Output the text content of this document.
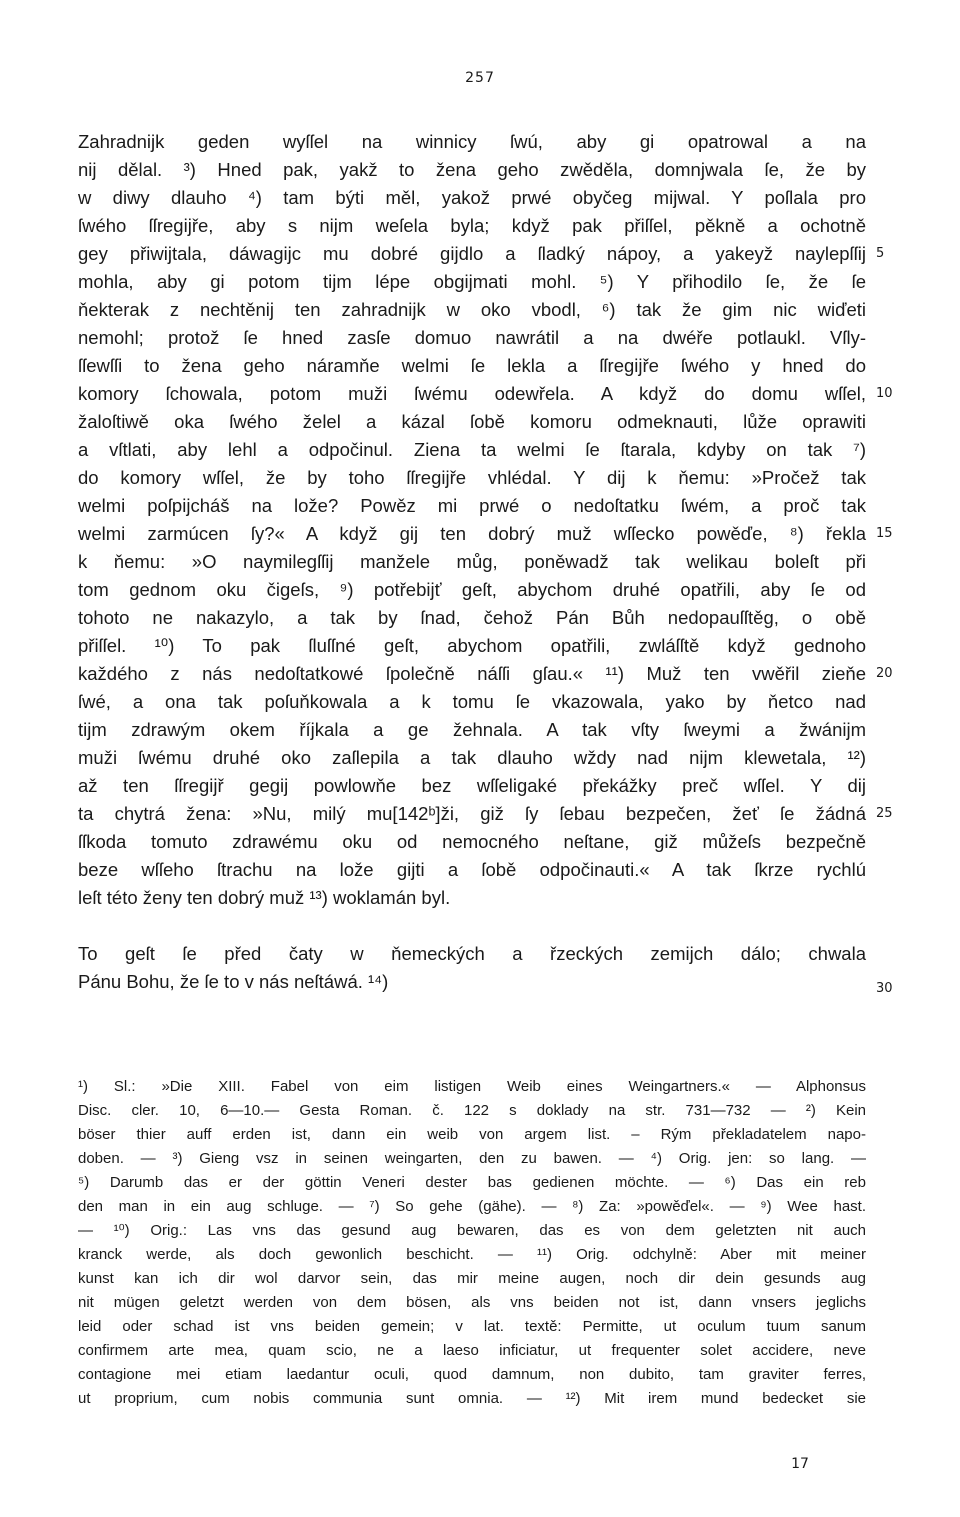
257
Zahradnijk geden wyſſel na winnicy ſwú, aby gi opatrowal a na
nij dělal. ³) Hned pak, yakž to žena geho zwěděla, domnjwala ſe, že by
w diwy dlauho ⁴) tam býti měl, yakož prwé obyčeg mijwal. Y poſlala pro
ſwého ſſregijře, aby s nijm weſela byla; když pak přiſſel, pěkně a ochotně
gey přiwijtala, dáwagijc mu dobré gijdlo a ſladký nápoy, a yakeyž naylepſſij
mohla, aby gi potom tijm lépe obgijmati mohl. ⁵) Y přihodilo ſe, že ſe
ňekterak z nechtěnij ten zahradnijk w oko vbodl, ⁶) tak že gim nic wiďeti
nemohl; protož ſe hned zasſe domuo nawrátil a na dwéře potlaukl. Vſly-
ſſewſſi to žena geho náramňe welmi ſe lekla a ſſregijře ſwého y hned do
komory ſchowala, potom muži ſwému odewřela. A když do domu wſſel,
žaloſtiwě oka ſwého želel a kázal ſobě komoru odmeknauti, lůže oprawiti
a vſtlati, aby lehl a odpočinul. Ziena ta welmi ſe ſtarala, kdyby on tak ⁷)
do komory wſſel, že by toho ſſregijře vhlédal. Y dij k ňemu: »Pročež tak
welmi poſpijcháš na lože? Powěz mi prwé o nedoſtatku ſwém, a proč tak
welmi zarmúcen ſy?« A když gij ten dobrý muž wſſecko powěďe, ⁸) řekla
k ňemu: »O naymilegſſij manžele můg, poněwadž tak welikau boleſt při
tom gednom oku čigeſs, ⁹) potřebijť geſt, abychom druhé opatřili, aby ſe od
tohoto ne nakazylo, a tak by ſnad, čehož Pán Bůh nedopauſſtěg, o obě
přiſſel. ¹⁰) To pak ſluſſné geſt, abychom opatřili, zwláſſtě když gednoho
každého z nás nedoſtatkowé ſpolečně náſſi gſau.« ¹¹) Muž ten vwěřil zieňe
ſwé, a ona tak poſuňkowala a k tomu ſe vkazowala, yako by ňetco nad
tijm zdrawým okem říjkala a ge žehnala. A tak vſty ſweymi a žwánijm
muži ſwému druhé oko zaſlepila a tak dlauho wždy nad nijm klewetala, ¹²)
až ten ſſregijř gegij powlowňe bez wſſeligaké překážky preč wſſel. Y dij
ta chytrá žena: »Nu, milý mu[142ᵇ]ži, giž ſy ſebau bezpečen, žeť ſe žádná
ſſkoda tomuto zdrawému oku od nemocného neſtane, giž můžeſs bezpečně
beze wſſeho ſtrachu na lože gijti a ſobě odpočinauti.« A tak ſkrze rychlú
leſt této ženy ten dobrý muž ¹³) woklamán byl.
To geſt ſe před čaty w ňemeckých a řzeckých zemijch dálo; chwala
Pánu Bohu, že ſe to v nás neſtáwá. ¹⁴)
5
10
15
20
25
30
¹) Sl.: »Die XIII. Fabel von eim listigen Weib eines Weingartners.« — Alphonsus
Disc. cler. 10, 6—10.— Gesta Roman. č. 122 s doklady na str. 731—732 — ²) Kein
böser thier auff erden ist, dann ein weib von argem list. – Rým překladatelem napo-
doben. — ³) Gieng vsz in seinen weingarten, den zu bawen. — ⁴) Orig. jen: so lang. —
⁵) Darumb das er der göttin Veneri dester bas gedienen möchte. — ⁶) Das ein reb
den man in ein aug schluge. — ⁷) So gehe (gähe). — ⁸) Za: »powěďel«. — ⁹) Wee hast.
— ¹⁰) Orig.: Las vns das gesund aug bewaren, das es von dem geletzten nit auch
kranck werde, als doch gewonlich beschicht. — ¹¹) Orig. odchylně: Aber mit meiner
kunst kan ich dir wol darvor sein, das mir meine augen, noch dir dein gesunds aug
nit mügen geletzt werden von dem bösen, als vns beiden not ist, dann vnsers jeglichs
leid oder schad ist vns beiden gemein; v lat. textě: Permitte, ut oculum tuum sanum
confirmem arte mea, quam scio, ne a laeso inficiatur, ut frequenter solet accidere, neve
contagione mei etiam laedantur oculi, quod damnum, non dubito, tam graviter ferres,
ut proprium, cum nobis communia sunt omnia. — ¹²) Mit irem mund bedecket sie
17
